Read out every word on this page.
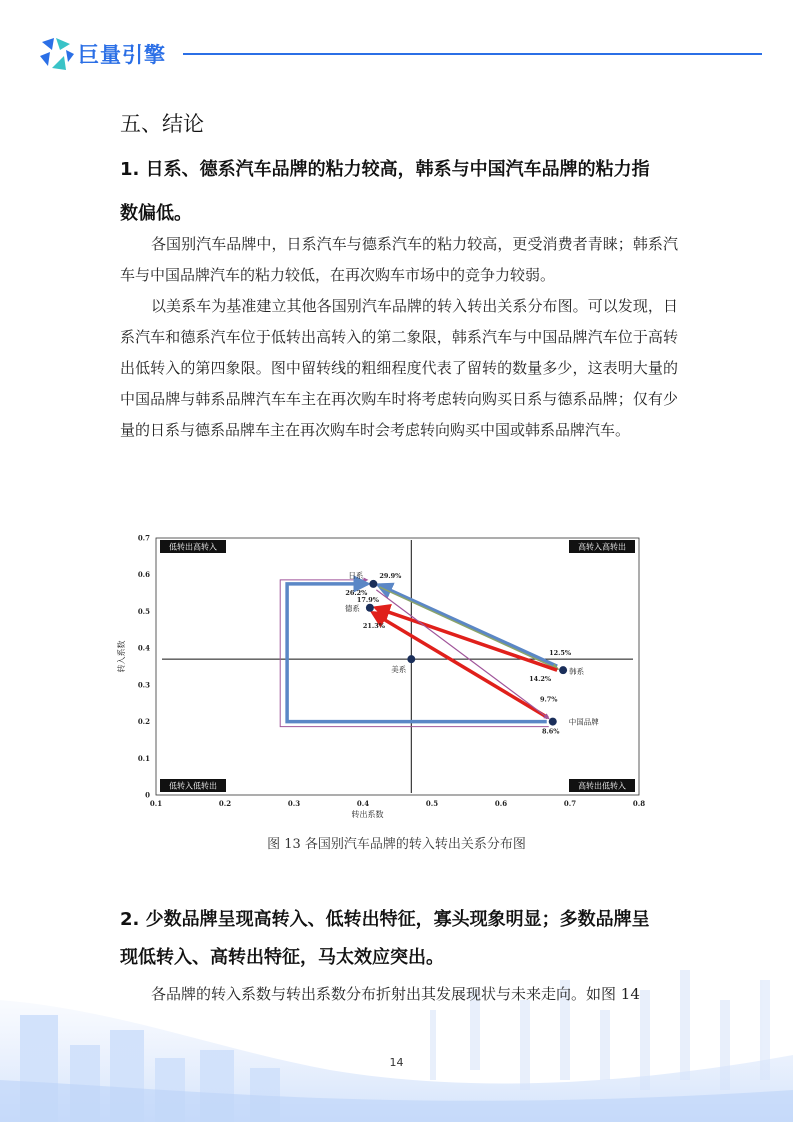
巨量引擎
五、结论
1. 日系、德系汽车品牌的粘力较高，韩系与中国汽车品牌的粘力指
数偏低。

各国别汽车品牌中，日系汽车与德系汽车的粘力较高，更受消费者青睐；韩系汽车与中国品牌汽车的粘力较低，在再次购车市场中的竞争力较弱。

以美系车为基准建立其他各国别汽车品牌的转入转出关系分布图。可以发现，日系汽车和德系汽车位于低转出高转入的第二象限，韩系汽车与中国品牌汽车位于高转出低转入的第四象限。图中留转线的粗细程度代表了留转的数量多少，这表明大量的中国品牌与韩系品牌汽车车主在再次购车时将考虑转向购买日系与德系品牌；仅有少量的日系与德系品牌车主在再次购车时会考虑转向购买中国或韩系品牌汽车。

低转出高转入	高转入高转出
低转入低转出	高转出低转入
0.1	0.2	0.3	0.4	0.5	0.6	0.7	0.8
0
0.1
0.2
0.3
0.4
0.5
0.6
0.7
转出系数
转入系数
日系
德系
美系	韩系
中国品牌
29.9%
26.2%
17.9%
21.3%
12.5%
14.2%
9.7%
8.6%
图 13 各国别汽车品牌的转入转出关系分布图
2. 少数品牌呈现高转入、低转出特征，寡头现象明显；多数品牌呈
现低转入、高转出特征，马太效应突出。

各品牌的转入系数与转出系数分布折射出其发展现状与未来走向。如图 14

14
